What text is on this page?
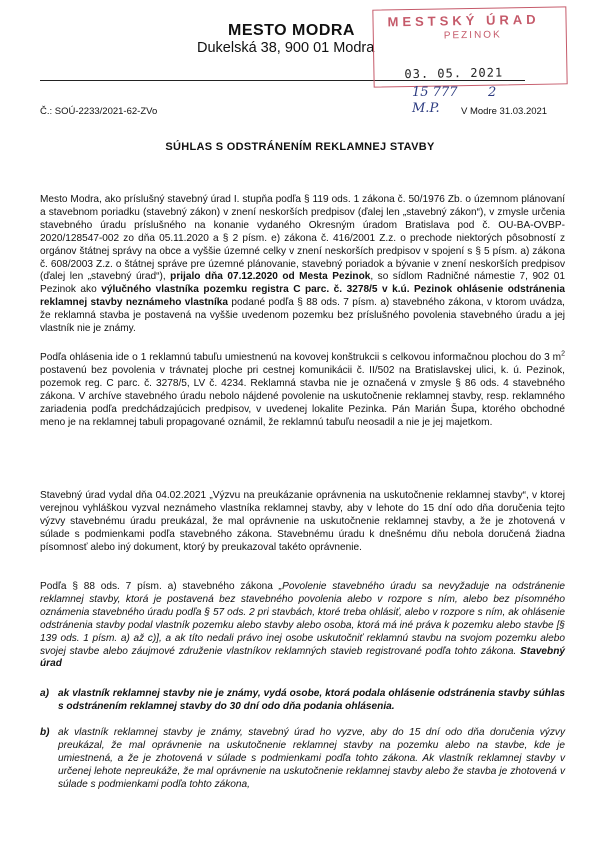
MESTO MODRA
Dukelská 38, 900 01 Modra
MESTSKÝ ÚRAD
PEZINOK
03. 05. 2021
15 777 2
M.P.
Č.: SOÚ-2233/2021-62-ZVo	V Modre 31.03.2021
SÚHLAS S ODSTRÁNENÍM REKLAMNEJ STAVBY
Mesto Modra, ako príslušný stavebný úrad I. stupňa podľa § 119 ods. 1 zákona č. 50/1976 Zb. o územnom plánovaní a stavebnom poriadku (stavebný zákon) v znení neskorších predpisov (ďalej len „stavebný zákon“), v zmysle určenia stavebného úradu príslušného na konanie vydaného Okresným úradom Bratislava pod č. OU-BA-OVBP-2020/128547-002 zo dňa 05.11.2020 a § 2 písm. e) zákona č. 416/2001 Z.z. o prechode niektorých pôsobností z orgánov štátnej správy na obce a vyššie územné celky v znení neskorších predpisov v spojení s § 5 písm. a) zákona č. 608/2003 Z.z. o štátnej správe pre územné plánovanie, stavebný poriadok a bývanie v znení neskorších predpisov (ďalej len „stavebný úrad“), prijalo dňa 07.12.2020 od Mesta Pezinok, so sídlom Radničné námestie 7, 902 01 Pezinok ako výlučného vlastníka pozemku registra C parc. č. 3278/5 v k.ú. Pezinok ohlásenie odstránenia reklamnej stavby neznámeho vlastníka podané podľa § 88 ods. 7 písm. a) stavebného zákona, v ktorom uvádza, že reklamná stavba je postavená na vyššie uvedenom pozemku bez príslušného povolenia stavebného úradu a jej vlastník nie je známy.
Podľa ohlásenia ide o 1 reklamnú tabuľu umiestnenú na kovovej konštrukcii s celkovou informačnou plochou do 3 $m^2$ postavenú bez povolenia v trávnatej ploche pri cestnej komunikácii č. II/502 na Bratislavskej ulici, k. ú. Pezinok, pozemok reg. C parc. č. 3278/5, LV č. 4234. Reklamná stavba nie je označená v zmysle § 86 ods. 4 stavebného zákona. V archíve stavebného úradu nebolo nájdené povolenie na uskutočnenie reklamnej stavby, resp. reklamného zariadenia podľa predchádzajúcich predpisov, v uvedenej lokalite Pezinka. Pán Marián Šupa, ktorého obchodné meno je na reklamnej tabuli propagované oznámil, že reklamnú tabuľu neosadil a nie je jej majetkom.
Stavebný úrad vydal dňa 04.02.2021 „Výzvu na preukázanie oprávnenia na uskutočnenie reklamnej stavby“, v ktorej verejnou vyhláškou vyzval neznámeho vlastníka reklamnej stavby, aby v lehote do 15 dní odo dňa doručenia tejto výzvy stavebnému úradu preukázal, že mal oprávnenie na uskutočnenie reklamnej stavby, a že je zhotovená v súlade s podmienkami podľa stavebného zákona. Stavebnému úradu k dnešnému dňu nebola doručená žiadna písomnosť alebo iný dokument, ktorý by preukazoval takéto oprávnenie.
Podľa § 88 ods. 7 písm. a) stavebného zákona „Povolenie stavebného úradu sa nevyžaduje na odstránenie reklamnej stavby, ktorá je postavená bez stavebného povolenia alebo v rozpore s ním, alebo bez písomného oznámenia stavebného úradu podľa § 57 ods. 2 pri stavbách, ktoré treba ohlásiť, alebo v rozpore s ním, ak ohlásenie odstránenia stavby podal vlastník pozemku alebo stavby alebo osoba, ktorá má iné práva k pozemku alebo stavbe [§ 139 ods. 1 písm. a) až c)], a ak títo nedali právo inej osobe uskutočniť reklamnú stavbu na svojom pozemku alebo svojej stavbe alebo záujmové združenie vlastníkov reklamných stavieb registrované podľa tohto zákona. Stavebný úrad
a) ak vlastník reklamnej stavby nie je známy, vydá osobe, ktorá podala ohlásenie odstránenia stavby súhlas s odstránením reklamnej stavby do 30 dní odo dňa podania ohlásenia.
b) ak vlastník reklamnej stavby je známy, stavebný úrad ho vyzve, aby do 15 dní odo dňa doručenia výzvy preukázal, že mal oprávnenie na uskutočnenie reklamnej stavby na pozemku alebo na stavbe, kde je umiestnená, a že je zhotovená v súlade s podmienkami podľa tohto zákona. Ak vlastník reklamnej stavby v určenej lehote nepreukáže, že mal oprávnenie na uskutočnenie reklamnej stavby alebo že stavba je zhotovená v súlade s podmienkami podľa tohto zákona,
